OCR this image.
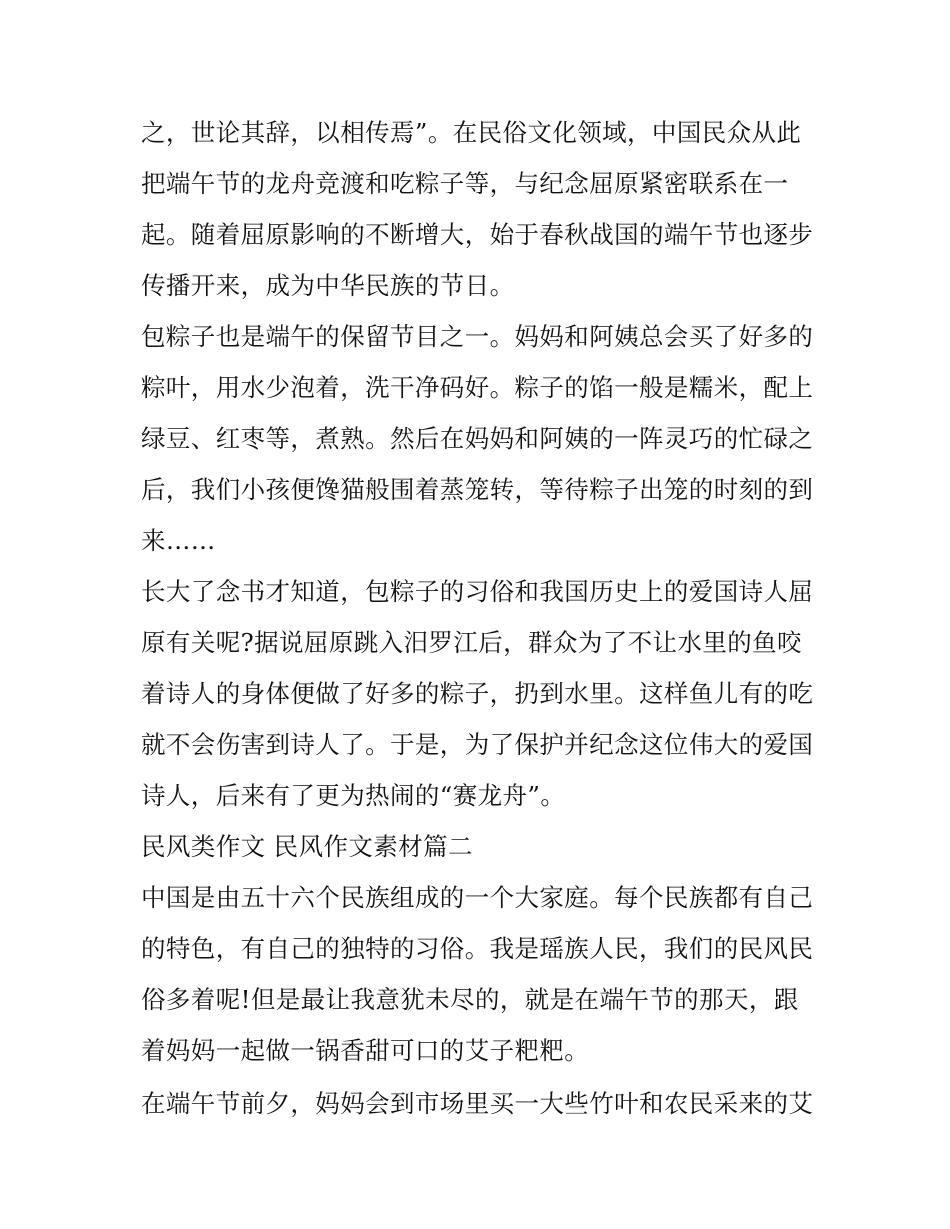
之，世论其辞，以相传焉”。在民俗文化领域，中国民众从此
把端午节的龙舟竞渡和吃粽子等，与纪念屈原紧密联系在一
起。随着屈原影响的不断增大，始于春秋战国的端午节也逐步
传播开来，成为中华民族的节日。
包粽子也是端午的保留节目之一。妈妈和阿姨总会买了好多的
粽叶，用水少泡着，洗干净码好。粽子的馅一般是糯米，配上
绿豆、红枣等，煮熟。然后在妈妈和阿姨的一阵灵巧的忙碌之
后，我们小孩便馋猫般围着蒸笼转，等待粽子出笼的时刻的到
来……
长大了念书才知道，包粽子的习俗和我国历史上的爱国诗人屈
原有关呢?据说屈原跳入汨罗江后，群众为了不让水里的鱼咬
着诗人的身体便做了好多的粽子，扔到水里。这样鱼儿有的吃
就不会伤害到诗人了。于是，为了保护并纪念这位伟大的爱国
诗人，后来有了更为热闹的“赛龙舟”。
民风类作文 民风作文素材篇二
中国是由五十六个民族组成的一个大家庭。每个民族都有自己
的特色，有自己的独特的习俗。我是瑶族人民，我们的民风民
俗多着呢!但是最让我意犹未尽的，就是在端午节的那天，跟
着妈妈一起做一锅香甜可口的艾子粑粑。
在端午节前夕，妈妈会到市场里买一大些竹叶和农民采来的艾
